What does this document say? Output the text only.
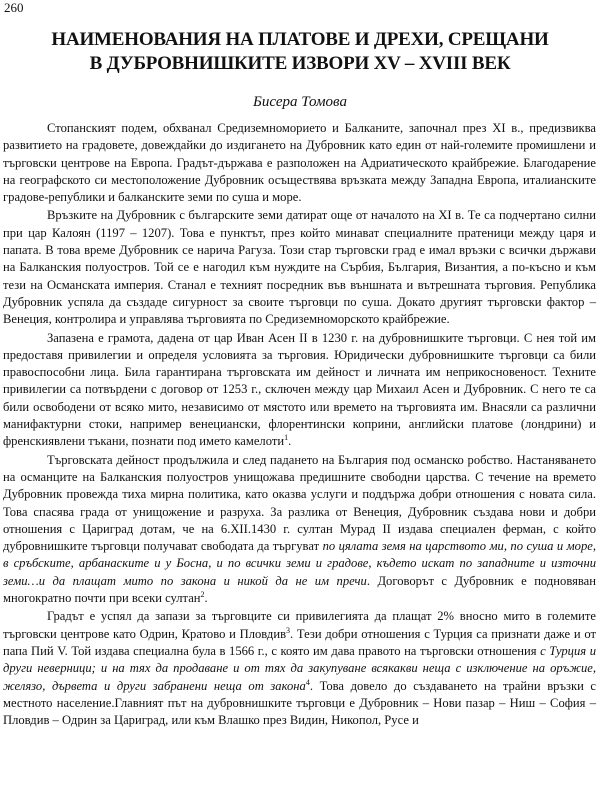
260
НАИМЕНОВАНИЯ НА ПЛАТОВЕ И ДРЕХИ, СРЕЩАНИ
В ДУБРОВНИШКИТЕ ИЗВОРИ XV – XVIII ВЕК
Бисера Томова

Стопанският подем, обхванал Средиземноморието и Балканите, започнал през XI в., предизвиква развитието на градовете, довеждайки до издигането на Дубровник като един от най-големите промишлени и търговски центрове на Европа. Градът-държава е разположен на Адриатическото крайбрежие. Благодарение на географското си местоположение Дубровник осъществява връзката между Западна Европа, италианските градове-републики и балканските земи по суша и море.

Връзките на Дубровник с българските земи датират още от началото на XI в. Те са подчертано силни при цар Калоян (1197 – 1207). Това е пунктът, през който минават специалните пратеници между царя и папата. В това време Дубровник се нарича Рагуза. Този стар търговски град е имал връзки с всички държави на Балканския полуостров. Той се е нагодил към нуждите на Сърбия, България, Византия, а по-късно и към тези на Османската империя. Станал е техният посредник във външната и вътрешната търговия. Република Дубровник успяла да създаде сигурност за своите търговци по суша. Докато другият търговски фактор – Венеция, контролира и управлява търговията по Средиземноморското крайбрежие.

Запазена е грамота, дадена от цар Иван Асен II в 1230 г. на дубровнишките търговци. С нея той им предоставя привилегии и определя условията за търговия. Юридически дубровнишките търговци са били правоспособни лица. Била гарантирана търговската им дейност и личната им неприкосновеност. Техните привилегии са потвърдени с договор от 1253 г., сключен между цар Михаил Асен и Дубровник. С него те са били освободени от всяко мито, независимо от мястото или времето на търговията им. Внасяли са различни манифактурни стоки, например венециански, флорентински коприни, английски платове (лондрини) и френскиявлени тъкани, познати под името камелоти$^1$.

Търговската дейност продължила и след падането на България под османско робство. Настаняването на османците на Балканския полуостров унищожава предишните свободни царства. С течение на времето Дубровник провежда тиха мирна политика, като оказва услуги и поддържа добри отношения с новата сила. Това спасява града от унищожение и разруха. За разлика от Венеция, Дубровник създава нови и добри отношения с Цариград дотам, че на 6.XII.1430 г. султан Мурад II издава специален ферман, с който дубровнишките търговци получават свободата да търгуват по цялата земя на царството ми, по суша и море, в сръбските, арбанаските и у Босна, и по всички земи и градове, където искат по западните и източни земи…и да плащат мито по закона и никой да не им пречи. Договорът с Дубровник е подновяван многократно почти при всеки султан$^2$.

Градът е успял да запази за търговците си привилегията да плащат 2% вносно мито в големите търговски центрове като Одрин, Кратово и Пловдив$^3$. Тези добри отношения с Турция са признати даже и от папа Пий V. Той издава специална була в 1566 г., с която им дава правото на търговски отношения с Турция и други неверници; и на тях да продаване и от тях да закупуване всякакви неща с изключение на оръжие, желязо, дървета и други забранени неща от закона$^4$. Това довело до създаването на трайни връзки с местното население.Главният път на дубровнишките търговци е Дубровник – Нови пазар – Ниш – София – Пловдив – Одрин за Цариград, или към Влашко през Видин, Никопол, Русе и
